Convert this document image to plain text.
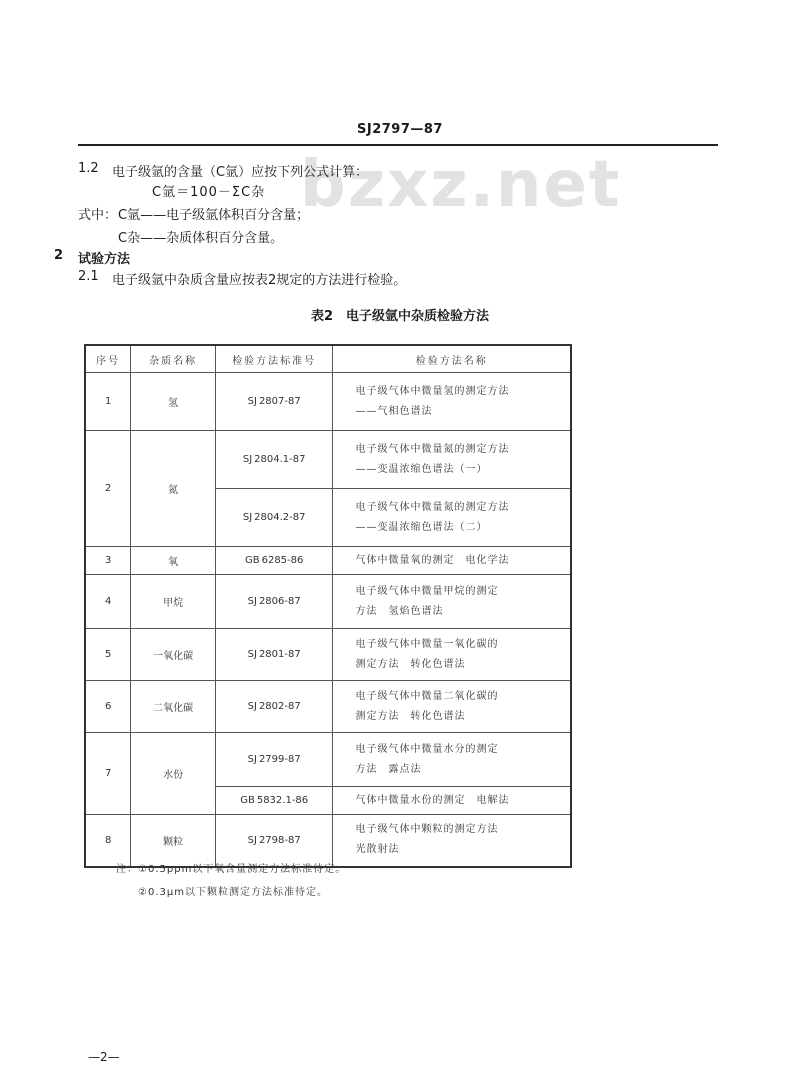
bzxz.net
SJ2797—87
1.2 电子级氩的含量（C氩）应按下列公式计算：
C氩＝100－ΣC杂
式中： C氩——电子级氩体积百分含量；
C杂——杂质体积百分含量。
2 试验方法
2.1 电子级氩中杂质含量应按表2规定的方法进行检验。
表2　电子级氩中杂质检验方法
序号	杂质名称	检验方法标准号	检验方法名称
1	氢	SJ 2807-87	电子级气体中微量氢的测定方法
——气相色谱法

2	氮	SJ 2804.1-87	电子级气体中微量氮的测定方法
——变温浓缩色谱法（一）

		SJ 2804.2-87	电子级气体中微量氮的测定方法
——变温浓缩色谱法（二）

3	氧	GB 6285-86	气体中微量氧的测定　电化学法

4	甲烷	SJ 2806-87	电子级气体中微量甲烷的测定
方法　氢焰色谱法

5	一氧化碳	SJ 2801-87	电子级气体中微量一氧化碳的
测定方法　转化色谱法

6	二氧化碳	SJ 2802-87	电子级气体中微量二氧化碳的
测定方法　转化色谱法

7	水份	SJ 2799-87	电子级气体中微量水分的测定
方法　露点法

		GB 5832.1-86	气体中微量水份的测定　电解法

8	颗粒	SJ 2798-87	电子级气体中颗粒的测定方法
光散射法
注：①0.5ppm以下氧含量测定方法标准待定。
②0.3μm以下颗粒测定方法标准待定。
—2—
